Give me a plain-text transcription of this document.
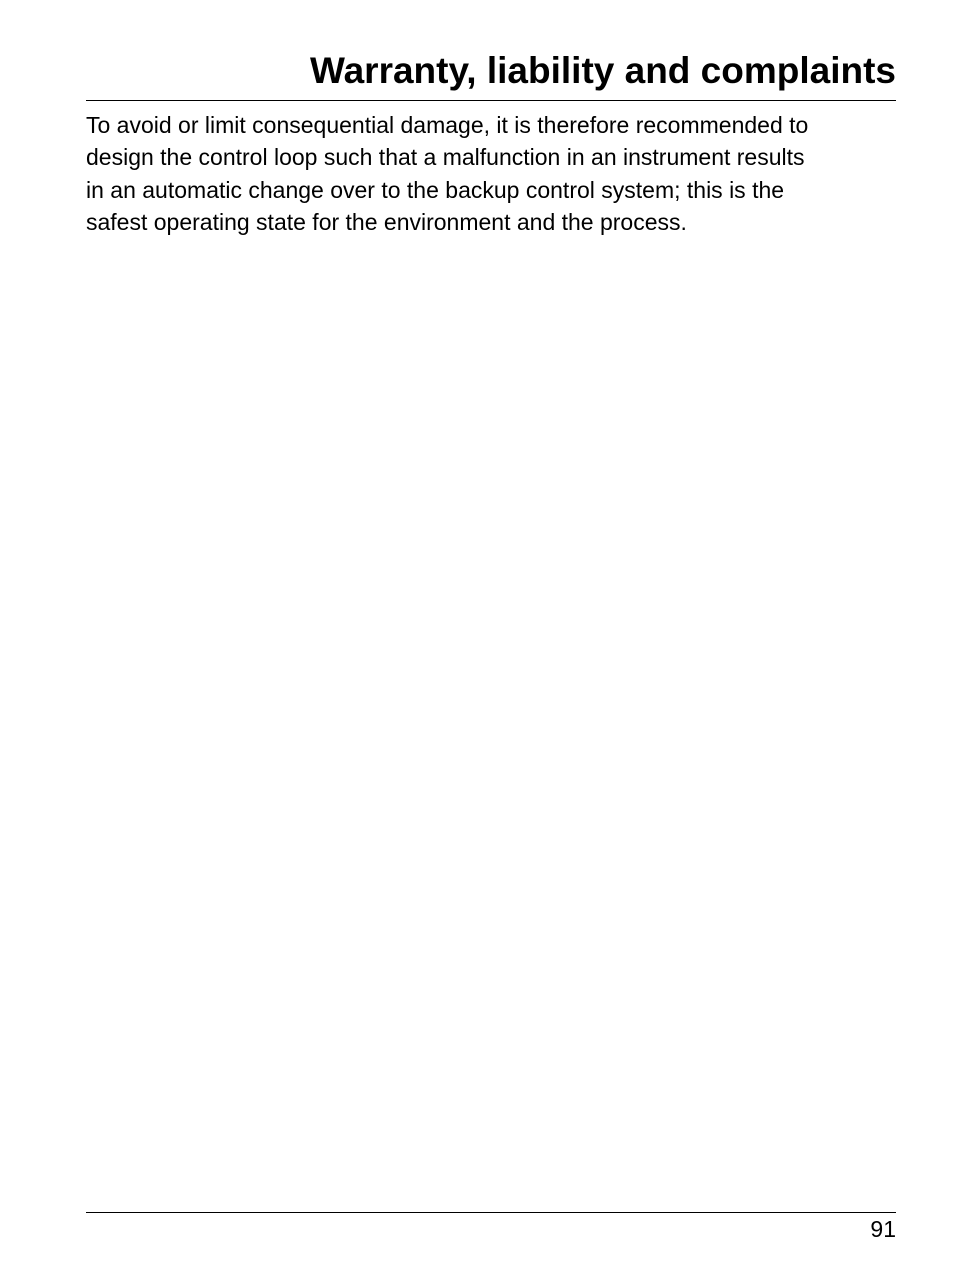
Warranty, liability and complaints

To avoid or limit consequential damage, it is therefore recommended to
design the control loop such that a malfunction in an instrument results
in an automatic change over to the backup control system; this is the
safest operating state for the environment and the process.

91
